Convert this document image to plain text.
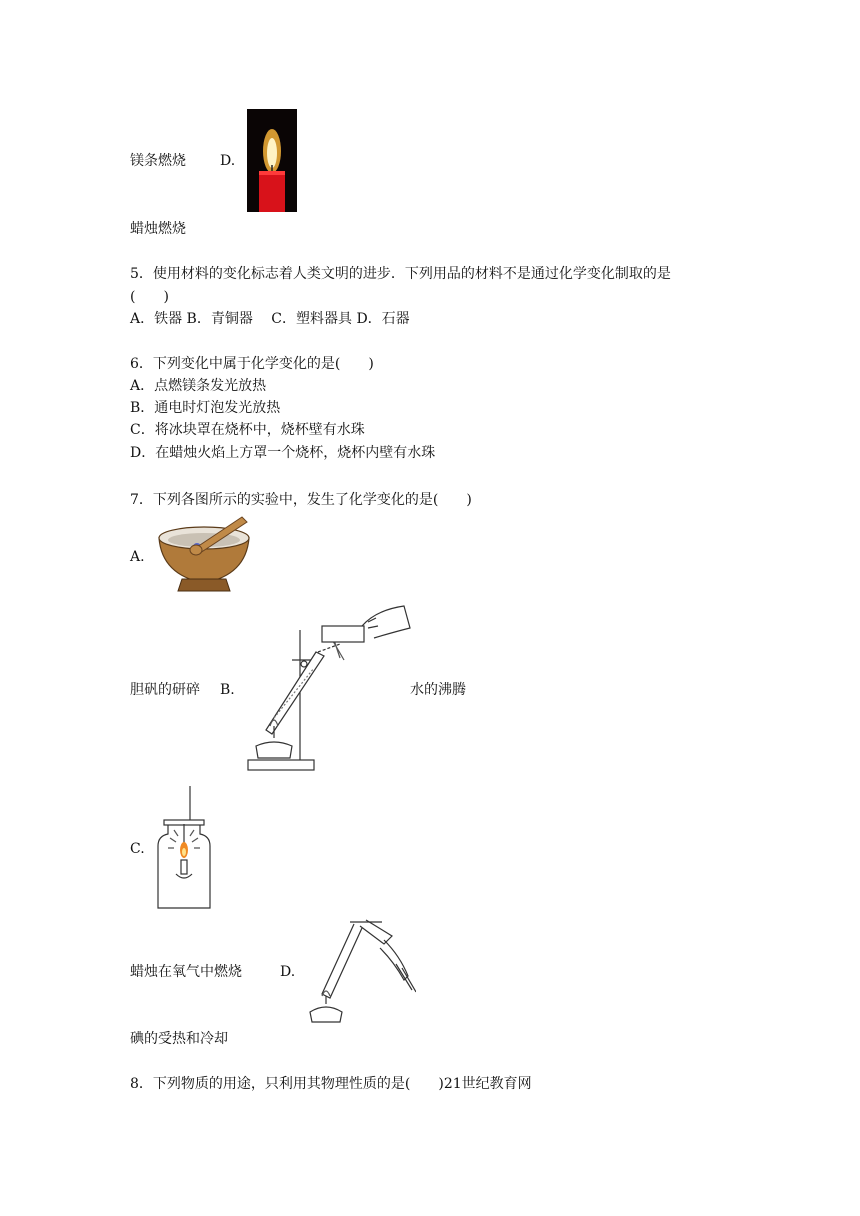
镁条燃烧 D.
蜡烛燃烧
5．使用材料的变化标志着人类文明的进步．下列用品的材料不是通过化学变化制取的是
(　　)
A．铁器 B．青铜器　 C．塑料器具 D．石器
6．下列变化中属于化学变化的是(　　)
A．点燃镁条发光放热
B．通电时灯泡发光放热
C．将冰块罩在烧杯中，烧杯壁有水珠
D．在蜡烛火焰上方罩一个烧杯，烧杯内壁有水珠
7．下列各图所示的实验中，发生了化学变化的是(　　)
A.
胆矾的研碎 B.	水的沸腾
C.
蜡烛在氧气中燃烧	D.
碘的受热和冷却
8．下列物质的用途，只利用其物理性质的是(　　)21世纪教育网
